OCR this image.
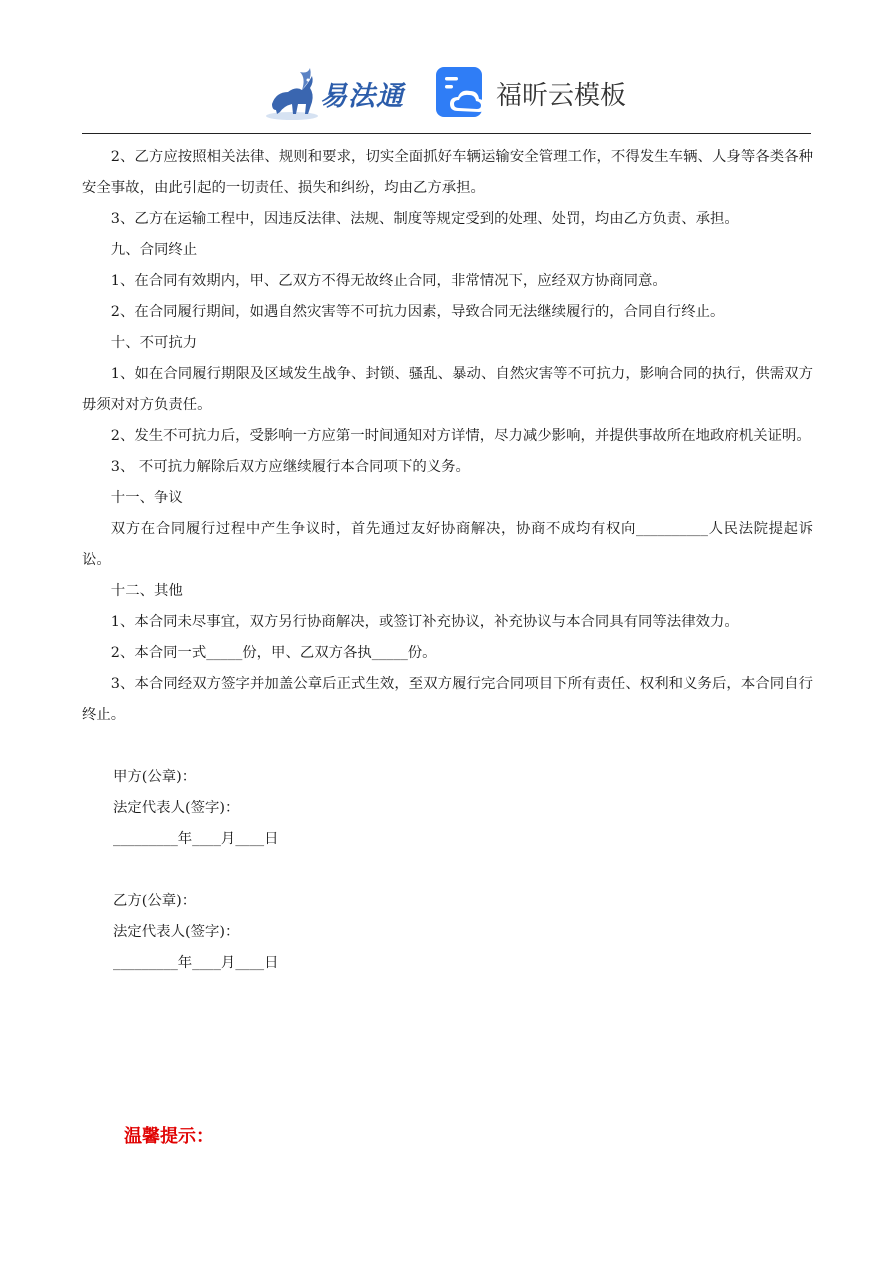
易法通	福昕云模板

2、乙方应按照相关法律、规则和要求，切实全面抓好车辆运输安全管理工作，不得发生车辆、人身等各类各种安全事故，由此引起的一切责任、损失和纠纷，均由乙方承担。

3、乙方在运输工程中，因违反法律、法规、制度等规定受到的处理、处罚，均由乙方负责、承担。

九、合同终止

1、在合同有效期内，甲、乙双方不得无故终止合同，非常情况下，应经双方协商同意。

2、在合同履行期间，如遇自然灾害等不可抗力因素，导致合同无法继续履行的，合同自行终止。

十、不可抗力

1、如在合同履行期限及区域发生战争、封锁、骚乱、暴动、自然灾害等不可抗力，影响合同的执行，供需双方毋须对对方负责任。

2、发生不可抗力后，受影响一方应第一时间通知对方详情，尽力减少影响，并提供事故所在地政府机关证明。

3、 不可抗力解除后双方应继续履行本合同项下的义务。

十一、争议

双方在合同履行过程中产生争议时，首先通过友好协商解决，协商不成均有权向__________人民法院提起诉讼。

十二、其他

1、本合同未尽事宜，双方另行协商解决，或签订补充协议，补充协议与本合同具有同等法律效力。

2、本合同一式_____份，甲、乙双方各执_____份。

3、本合同经双方签字并加盖公章后正式生效，至双方履行完合同项目下所有责任、权利和义务后，本合同自行终止。

甲方(公章)：

法定代表人(签字)：

_________年____月____日

乙方(公章)：

法定代表人(签字)：

_________年____月____日

温馨提示：
